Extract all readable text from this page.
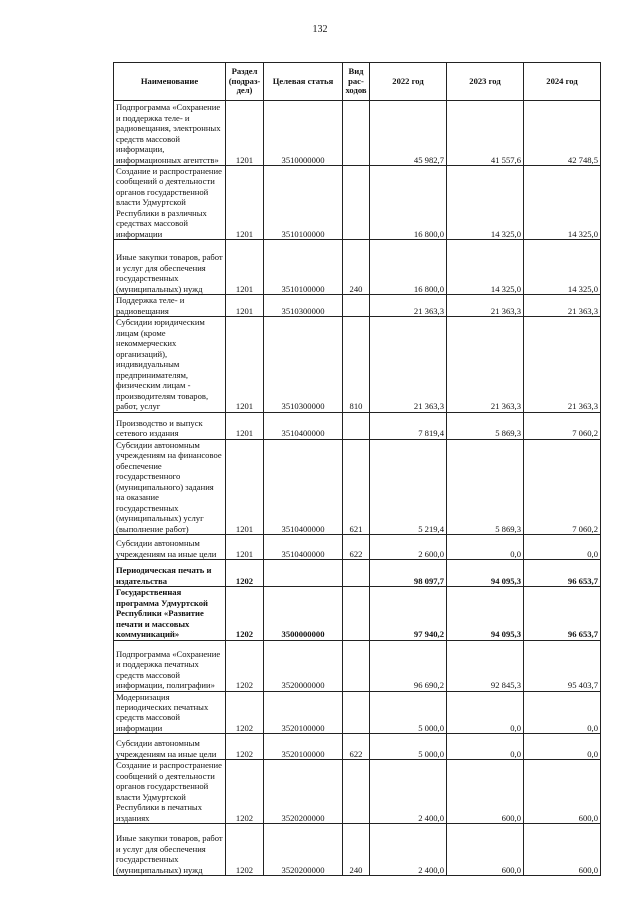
132
Наименование	Раздел (подраз-дел)	Целевая статья	Вид рас-ходов	2022 год	2023 год	2024 год
Подпрограмма «Сохранение и поддержка теле- и радиовещания, электронных средств массовой информации, информационных агентств»	1201	3510000000		45 982,7	41 557,6	42 748,5
Создание и распространение сообщений о деятельности органов государственной власти Удмуртской Республики в различных средствах массовой информации	1201	3510100000		16 800,0	14 325,0	14 325,0
Иные закупки товаров, работ и услуг для обеспечения государственных (муниципальных) нужд	1201	3510100000	240	16 800,0	14 325,0	14 325,0
Поддержка теле- и радиовещания	1201	3510300000		21 363,3	21 363,3	21 363,3
Субсидии юридическим лицам (кроме некоммерческих организаций), индивидуальным предпринимателям, физическим лицам - производителям товаров, работ, услуг	1201	3510300000	810	21 363,3	21 363,3	21 363,3
Производство и выпуск сетевого издания	1201	3510400000		7 819,4	5 869,3	7 060,2
Субсидии автономным учреждениям на финансовое обеспечение государственного (муниципального) задания на оказание государственных (муниципальных) услуг (выполнение работ)	1201	3510400000	621	5 219,4	5 869,3	7 060,2
Субсидии автономным учреждениям на иные цели	1201	3510400000	622	2 600,0	0,0	0,0
Периодическая печать и издательства	1202			98 097,7	94 095,3	96 653,7
Государственная программа Удмуртской Республики «Развитие печати и массовых коммуникаций»	1202	3500000000		97 940,2	94 095,3	96 653,7
Подпрограмма «Сохранение и поддержка печатных средств массовой информации, полиграфии»	1202	3520000000		96 690,2	92 845,3	95 403,7
Модернизация периодических печатных средств массовой информации	1202	3520100000		5 000,0	0,0	0,0
Субсидии автономным учреждениям на иные цели	1202	3520100000	622	5 000,0	0,0	0,0
Создание и распространение сообщений о деятельности органов государственной власти Удмуртской Республики в печатных изданиях	1202	3520200000		2 400,0	600,0	600,0
Иные закупки товаров, работ и услуг для обеспечения государственных (муниципальных) нужд	1202	3520200000	240	2 400,0	600,0	600,0
